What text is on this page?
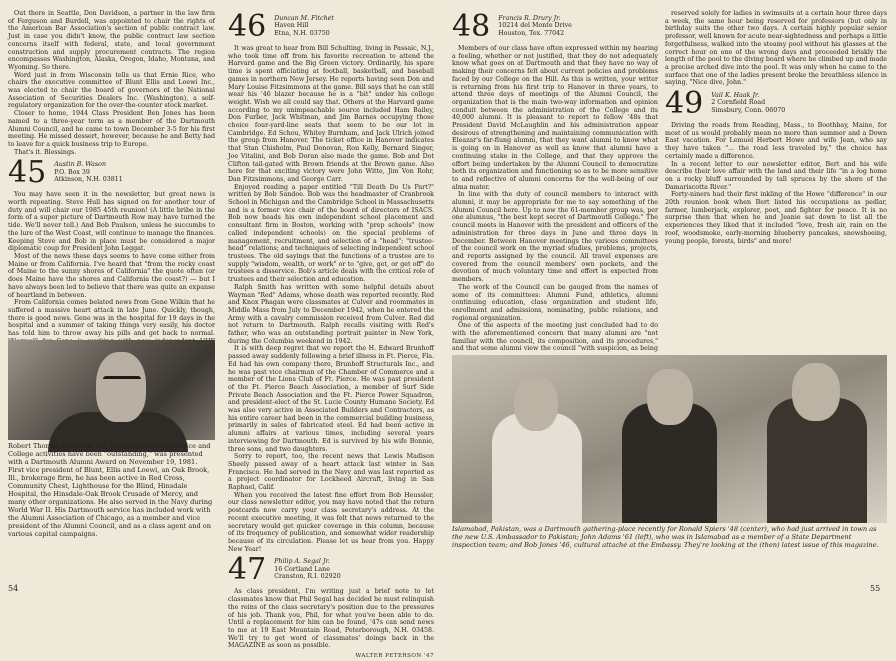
Out there in Seattle, Don Davidson, a partner in the law firm of Ferguson and Burdell, was appointed to chair the rights of the American Bar Association's section of public contract law. Just in case you didn't know, the public contract law section concerns itself with federal, state, and local government construction and supply procurement contracts. The region encompasses Washington, Alaska, Oregon, Idaho, Montana, and Wyoming. So there.

Word just in from Wisconsin tells us that Ernie Rice, who chairs the executive committee of Blunt Ellis and Loewi Inc., was elected to chair the board of governors of the National Association of Securities Dealers Inc. (Washington), a self-regulatory organization for the over-the-counter stock market.

Closer to home, 1944 Class President Ben Jones has been named to a three-year term as a member of the Dartmouth Alumni Council, and he came to town December 3-5 for his first meeting. He missed dessert, however, because he and Betty had to leave for a quick business trip to Europe.

That's it. Blessings.

45 Austin B. Wason
P.O. Box 39
Atkinson, N.H. 03811

You may have seen it in the newsletter, but great news is worth repeating. Steve Hull has signed on for another tour of duty and will chair our 1985 45th reunion! (A little bribe in the form of a super picture of Dartmouth Row may have turned the tide. We'll never tell.) And Bob Paulson, unless he succumbs to the lure of the West Coast, will continue to manage the finances. Keeping Steve and Bob in place must be considered a major diplomatic coup for President John Leggat.

Most of the news these days seems to have come either from Maine or from California. I've heard that "from the rocky coast of Maine to the sunny shores of California" the quote often (or does Maine have the shores and California the coast?) — but I have always been led to believe that there was quite an expanse of heartland in between.

From California comes belated news from Gene Wilkin that he suffered a massive heart attack in late June. Quickly, though, there is good news. Gene was in the hospital for 19 days in the hospital and a summer of taking things very easily, his doctor has told him to throw away his pills and get back to normal.

Robert Thomas Mortimer '47, whose community service and College activities have been "outstanding," was presented with a Dartmouth Alumni Award on November 19, 1981. First vice president of Blunt, Ellis and Loewi, an Oak Brook, Ill., brokerage firm, he has been active in Red Cross, Community Chest, Lighthouse for the Blind, Hinsdale Hospital, the Hinsdale-Oak Brook Crusade of Mercy, and many other organizations. He also served in the Navy during World War II. His Dartmouth service has included work with the Alumni Association of Chicago, as a member and vice president of the Alumni Council, and as a class agent and on various capital campaigns.
46 Duncan M. Fitchet
Haven Hill
Etna, N.H. 03750

It was great to hear from Bill Schulting, living in Passaic, N.J., who took time off from his favorite recreation to attend the Harvard game and the Big Green victory. Ordinarily, his spare time is spent officiating at football, basketball, and baseball games in northern New Jersey. He reports having seen Don and Mary Louise Fitzsimmons at the game. Bill says that he can still wear his '46 blazer because he is a "bit" under his college weight. Wish we all could say that. Others at the Harvard game according to my unimpeachable source included Ham Bailey, Don Furber, Jack Whitman, and Jim Barnes occupying those choice four-yard-line seats that seem to be our lot in Cambridge. Ed Schou, Whitey Burnham, and Jack Ulrich joined the group from Hanover. The ticket office in Hanover indicates that Stan Chisholm, Paul Donovan, Ron Kelly, Bernard Singer, Joe Vitalini, and Bob Doran also made the game. Bob and Dot Clifton tail-gated with Brown friends at the Brown game. Also here for that exciting victory were John Witte, Jim Von Rohr, Dan Fitzsimmons, and George Carr.

Enjoyed reading a paper entitled "Till Death Do Us Part?" written by Bob Sandoe. Bob was the headmaster of Cranbrook School in Michigan and the Cambridge School in Massachusetts and is a former vice chair of the board of directors of ISACS. Bob now heads his own independent school placement and consultant firm in Boston, working with "prep schools" (now called independent schools) on the special problems of management, recruitment, and selection of a "head"; "trustee-head" relations; and techniques of selecting independent school trustees. The old sayings that the functions of a trustee are to supply "wisdom, wealth, or work" or to "give, get, or get off" do trustees a disservice. Bob's article deals with the critical role of trustees and their selection and education.

Ralph Smith has written with some helpful details about Wayman "Red" Adams, whose death was reported recently. Red and Knox Phagan were classmates at Culver and roommates in Middle Mass from July to December 1942, when he entered the Army with a cavalry commission received from Culver. Red did not return to Dartmouth. Ralph recalls visiting with Red's father, who was an outstanding portrait painter in New York, during the Columbia weekend in 1942.

It is with deep regret that we report the H. Edward Brunhoff passed away suddenly following a brief illness in Ft. Pierce, Fla. Ed had his own company there, Brunhoff Structurals Inc., and he was past vice chairman of the Chamber of Commerce and a member of the Lions Club of Ft. Pierce. He was past president of the Ft. Pierce Beach Association, a member of Surf Side Private Beach Association and the Ft. Pierce Power Squadron, and president-elect of the St. Lucie County Humane Society. Ed was also very active in Associated Builders and Contractors, as his entire career had been in the commercial building business, primarily in sales of fabricated steel. Ed had been active in alumni affairs at various times, including several years interviewing for Dartmouth. Ed is survived by his wife Bonnie, three sons, and two daughters.

Sorry to report, too, the recent news that Lewis Madison Sheely passed away of a heart attack last winter in San Francisco. He had served in the Navy and was last reported as a project coordinator for Lockheed Aircraft, living in San Raphael, Calif.

When you received the latest fine effort from Bob Heussler, our class newsletter editor, you may have noted that the return postcards now carry your class secretary's address. At the recent executive meeting, it was felt that news returned to the secretary would get quicker coverage in this column, because of its frequency of publication, and somewhat wider readership because of its circulation. Please let us hear from you. Happy New Year!

47 Philip A. Segal Jr.
16 Cortland Lane
Cranston, R.I. 02920

As class president, I'm writing just a brief note to let classmates know that Phil Segal has decided he must relinquish the reins of the class secretary's position due to the pressures of his job. Thank you, Phil, for what you've been able to do. Until a replacement for him can be found, '47s can send news to me at 19 East Mountain Road, Peterborough, N.H. 03458. We'll try to get word of classmates' doings back in the MAGAZINE as soon as possible.

WALTER PETERSON '47
48 Francis R. Drury Jr.
10214 del Monte Drive
Houston, Tex. 77042

Members of our class have often expressed within my hearing a feeling, whether or not justified, that they do not adequately know what goes on at Dartmouth and that they have no way of making their concerns felt about current policies and problems faced by our College on the Hill. As this is written, your writer is returning from his first trip to Hanover in three years, to attend three days of meetings of the Alumni Council, the organization that is the main two-way information and opinion conduit between the administration of the College and its 40,000 alumni. It is pleasant to report to fellow '48s that President David McLaughlin and his administration appear desirous of strengthening and maintaining communication with Eleazar's far-flung alumni, that they want alumni to know what is going on in Hanover as well as know that alumni have a continuing stake in the College, and that they approve the effort being undertaken by the Alumni Council to democratize both its organization and functioning so as to be more sensitive to and reflective of alumni concerns for the well-being of our alma mater.

In line with the duty of council members to interact with alumni, it may be appropriate for me to say something of the Alumni Council here. Up to now the 61-member group was, per one alumnus, "the best kept secret of Dartmouth College." The council meets in Hanover with the president and officers of the administration for three days in June and three days in December. Between Hanover meetings the various committees of the council work on the myriad studies, problems, projects, and reports assigned by the council. All travel expenses are covered from the council members' own pockets, and the devotion of much voluntary time and effort is expected from members.

The work of the Council can be gauged from the names of some of its committees: Alumni Fund, athletics, alumni continuing education, class organization and student life, enrollment and admissions, nominating, public relations, and regional organization.

One of the aspects of the meeting just concluded had to do with the aforementioned concern that many alumni are "not familiar with the council, its composition, and its procedures," and that some alumni view the council "with suspicion, as being

reserved solely for ladies in swimsuits at a certain hour three days a week, the same hour being reserved for professors (but only in birthday suits the other two days. A certain highly popular senior professor, well known for acute near-sightedness and perhaps a little forgetfulness, walked into the steamy pool without his glasses at the correct hour on one of the wrong days and proceeded briskly the length of the pool to the diving board where he climbed up and made a precise arched dive into the pool. It was only when he came to the surface that one of the ladies present broke the breathless silence in saying, "Nice dive, John."

49 Vail K. Haak Jr.
2 Cornfield Road
Simsbury, Conn. 06070

Driving the roads from Reading, Mass., to Boothbay, Maine, for most of us would probably mean no more than summer and a Down East vacation. For Lemuel Herbert Howe and wife Jean, who say they have taken "... the road less traveled by," the choice has certainly made a difference.

In a recent letter to our newsletter editor, Bert and his wife describe their love affair with the land and their life "in a log home on a rocky bluff surrounded by tall spruces by the shore of the Damariscotta River."

Forty-niners had their first inkling of the Howe "difference" in our 20th reunion book when Bert listed his occupations as pedlar, farmer, lumberjack, explorer, poet, and fighter for peace. It is no surprise then that when he and Jeanie sat down to list all the experiences they liked that it included "love, fresh air, rain on the roof, woodsmoke, early-morning blueberry pancakes, snowshoeing, young people, forests, birds" and more!

Islamabad, Pakistan, was a Dartmouth gathering-place recently for Ronald Spiers '48 (center), who had just arrived in town as the new U.S. Ambassador to Pakistan; John Adams '61 (left), who was in Islamabad as a member of a State Department inspection team; and Bob Jones '46, cultural attaché at the Embassy. They're looking at the (then) latest issue of this magazine.
54	55
